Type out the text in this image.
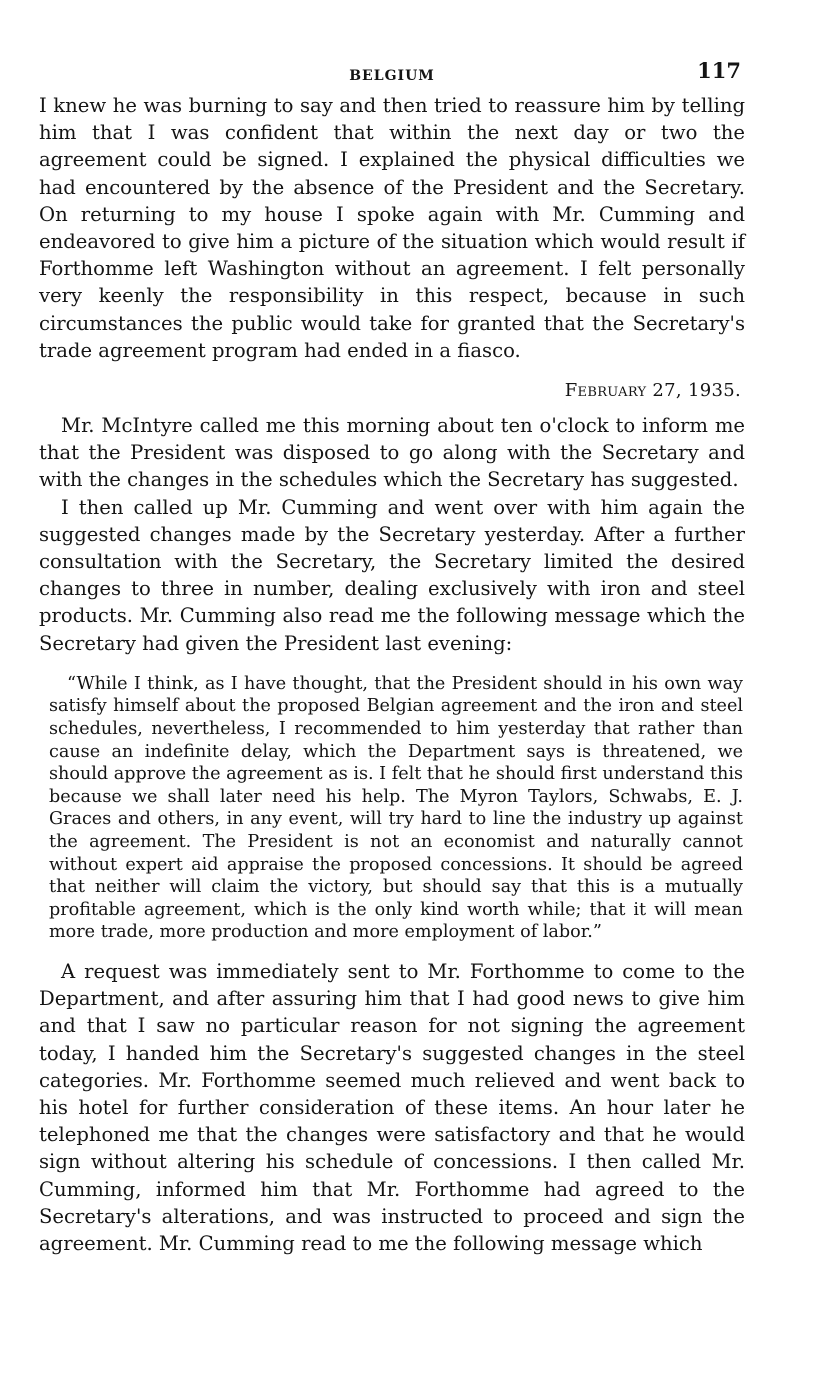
BELGIUM	117

I knew he was burning to say and then tried to reassure him by telling him that I was confident that within the next day or two the agreement could be signed. I explained the physical difficulties we had encountered by the absence of the President and the Secretary. On returning to my house I spoke again with Mr. Cumming and endeavored to give him a picture of the situation which would result if Forthomme left Washington without an agreement. I felt personally very keenly the responsibility in this respect, because in such circumstances the public would take for granted that the Secretary's trade agreement program had ended in a fiasco.

February 27, 1935.

Mr. McIntyre called me this morning about ten o'clock to inform me that the President was disposed to go along with the Secretary and with the changes in the schedules which the Secretary has suggested.

I then called up Mr. Cumming and went over with him again the suggested changes made by the Secretary yesterday. After a further consultation with the Secretary, the Secretary limited the desired changes to three in number, dealing exclusively with iron and steel products. Mr. Cumming also read me the following message which the Secretary had given the President last evening:

“While I think, as I have thought, that the President should in his own way satisfy himself about the proposed Belgian agreement and the iron and steel schedules, nevertheless, I recommended to him yesterday that rather than cause an indefinite delay, which the Department says is threatened, we should approve the agreement as is. I felt that he should first understand this because we shall later need his help. The Myron Taylors, Schwabs, E. J. Graces and others, in any event, will try hard to line the industry up against the agreement. The President is not an economist and naturally cannot without expert aid appraise the proposed concessions. It should be agreed that neither will claim the victory, but should say that this is a mutually profitable agreement, which is the only kind worth while; that it will mean more trade, more production and more employment of labor.”

A request was immediately sent to Mr. Forthomme to come to the Department, and after assuring him that I had good news to give him and that I saw no particular reason for not signing the agreement today, I handed him the Secretary's suggested changes in the steel categories. Mr. Forthomme seemed much relieved and went back to his hotel for further consideration of these items. An hour later he telephoned me that the changes were satisfactory and that he would sign without altering his schedule of concessions. I then called Mr. Cumming, informed him that Mr. Forthomme had agreed to the Secretary's alterations, and was instructed to proceed and sign the agreement. Mr. Cumming read to me the following message which
